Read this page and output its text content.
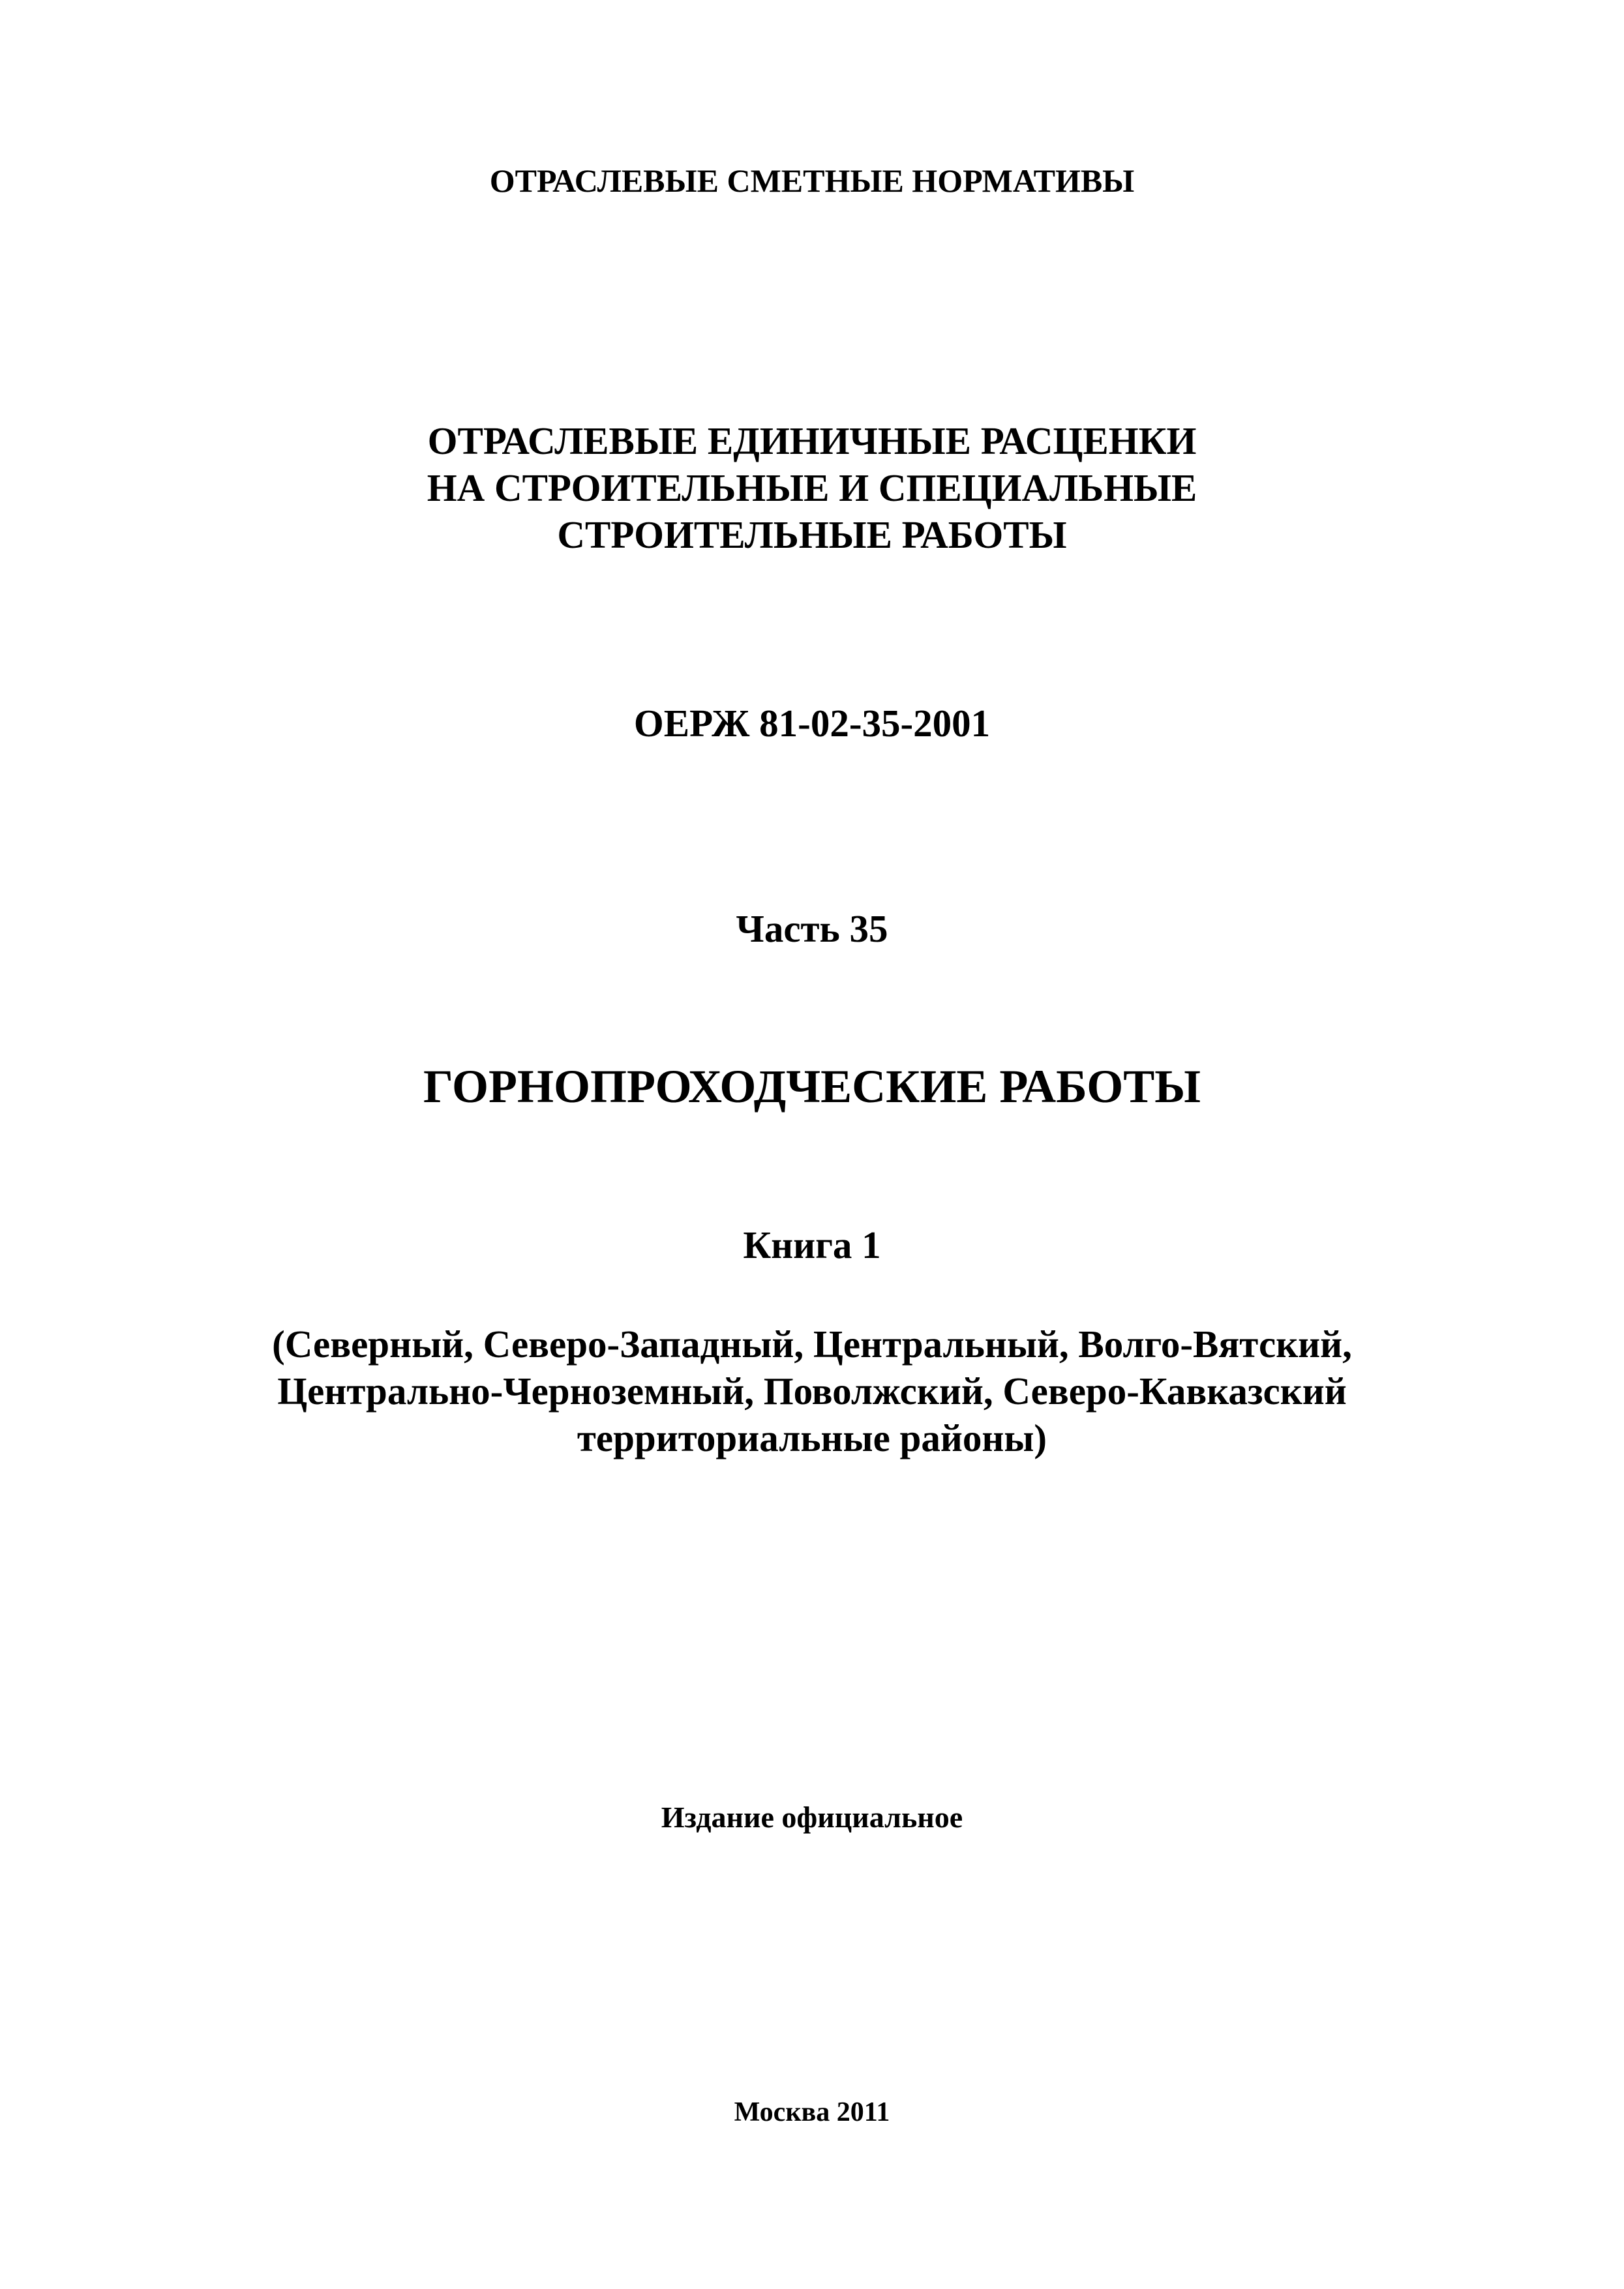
ОТРАСЛЕВЫЕ СМЕТНЫЕ НОРМАТИВЫ
ОТРАСЛЕВЫЕ ЕДИНИЧНЫЕ РАСЦЕНКИ
НА СТРОИТЕЛЬНЫЕ И СПЕЦИАЛЬНЫЕ
СТРОИТЕЛЬНЫЕ РАБОТЫ
ОЕРЖ 81-02-35-2001
Часть 35
ГОРНОПРОХОДЧЕСКИЕ РАБОТЫ
Книга 1
(Северный, Северо-Западный, Центральный, Волго-Вятский,
Центрально-Черноземный, Поволжский, Северо-Кавказский
территориальные районы)
Издание официальное
Москва 2011
